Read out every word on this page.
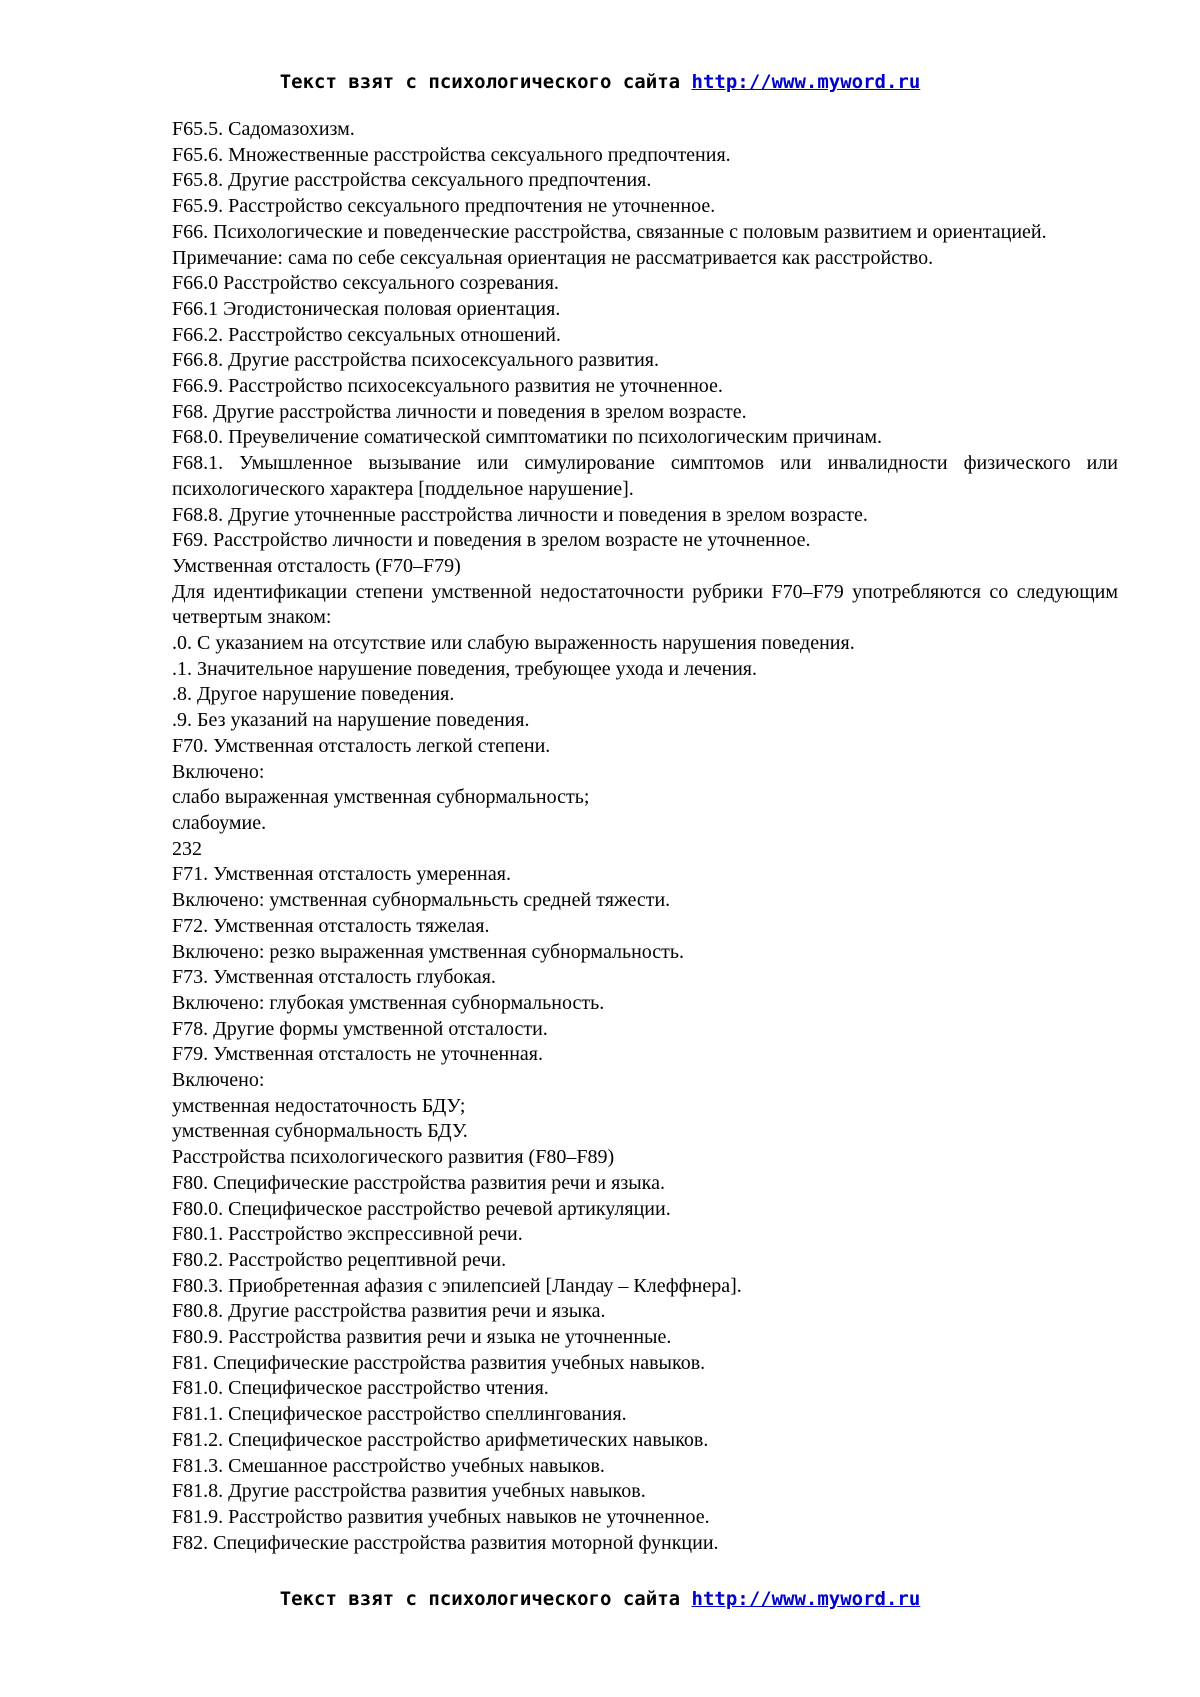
Текст взят с психологического сайта http://www.myword.ru

F65.5. Садомазохизм.

F65.6. Множественные расстройства сексуального предпочтения.

F65.8. Другие расстройства сексуального предпочтения.

F65.9. Расстройство сексуального предпочтения не уточненное.

F66. Психологические и поведенческие расстройства, связанные с половым развитием и ориентацией.

Примечание: сама по себе сексуальная ориентация не рассматривается как расстройство.

F66.0 Расстройство сексуального созревания.

F66.1 Эгодистоническая половая ориентация.

F66.2. Расстройство сексуальных отношений.

F66.8. Другие расстройства психосексуального развития.

F66.9. Расстройство психосексуального развития не уточненное.

F68. Другие расстройства личности и поведения в зрелом возрасте.

F68.0. Преувеличение соматической симптоматики по психологическим причинам.

F68.1. Умышленное вызывание или симулирование симптомов или инвалидности физического или психологического характера [поддельное нарушение].

F68.8. Другие уточненные расстройства личности и поведения в зрелом возрасте.

F69. Расстройство личности и поведения в зрелом возрасте не уточненное.

Умственная отсталость (F70–F79)

Для идентификации степени умственной недостаточности рубрики F70–F79 употребляются со следующим четвертым знаком:

.0. С указанием на отсутствие или слабую выраженность нарушения поведения.

.1. Значительное нарушение поведения, требующее ухода и лечения.

.8. Другое нарушение поведения.

.9. Без указаний на нарушение поведения.

F70. Умственная отсталость легкой степени.

Включено:

слабо выраженная умственная субнормальность;

слабоумие.

232

F71. Умственная отсталость умеренная.

Включено: умственная субнормальньсть средней тяжести.

F72. Умственная отсталость тяжелая.

Включено: резко выраженная умственная субнормальность.

F73. Умственная отсталость глубокая.

Включено: глубокая умственная субнормальность.

F78. Другие формы умственной отсталости.

F79. Умственная отсталость не уточненная.

Включено:

умственная недостаточность БДУ;

умственная субнормальность БДУ.

Расстройства психологического развития (F80–F89)

F80. Специфические расстройства развития речи и языка.

F80.0. Специфическое расстройство речевой артикуляции.

F80.1. Расстройство экспрессивной речи.

F80.2. Расстройство рецептивной речи.

F80.3. Приобретенная афазия с эпилепсией [Ландау – Клеффнера].

F80.8. Другие расстройства развития речи и языка.

F80.9. Расстройства развития речи и языка не уточненные.

F81. Специфические расстройства развития учебных навыков.

F81.0. Специфическое расстройство чтения.

F81.1. Специфическое расстройство спеллингования.

F81.2. Специфическое расстройство арифметических навыков.

F81.3. Смешанное расстройство учебных навыков.

F81.8. Другие расстройства развития учебных навыков.

F81.9. Расстройство развития учебных навыков не уточненное.

F82. Специфические расстройства развития моторной функции.

Текст взят с психологического сайта http://www.myword.ru
